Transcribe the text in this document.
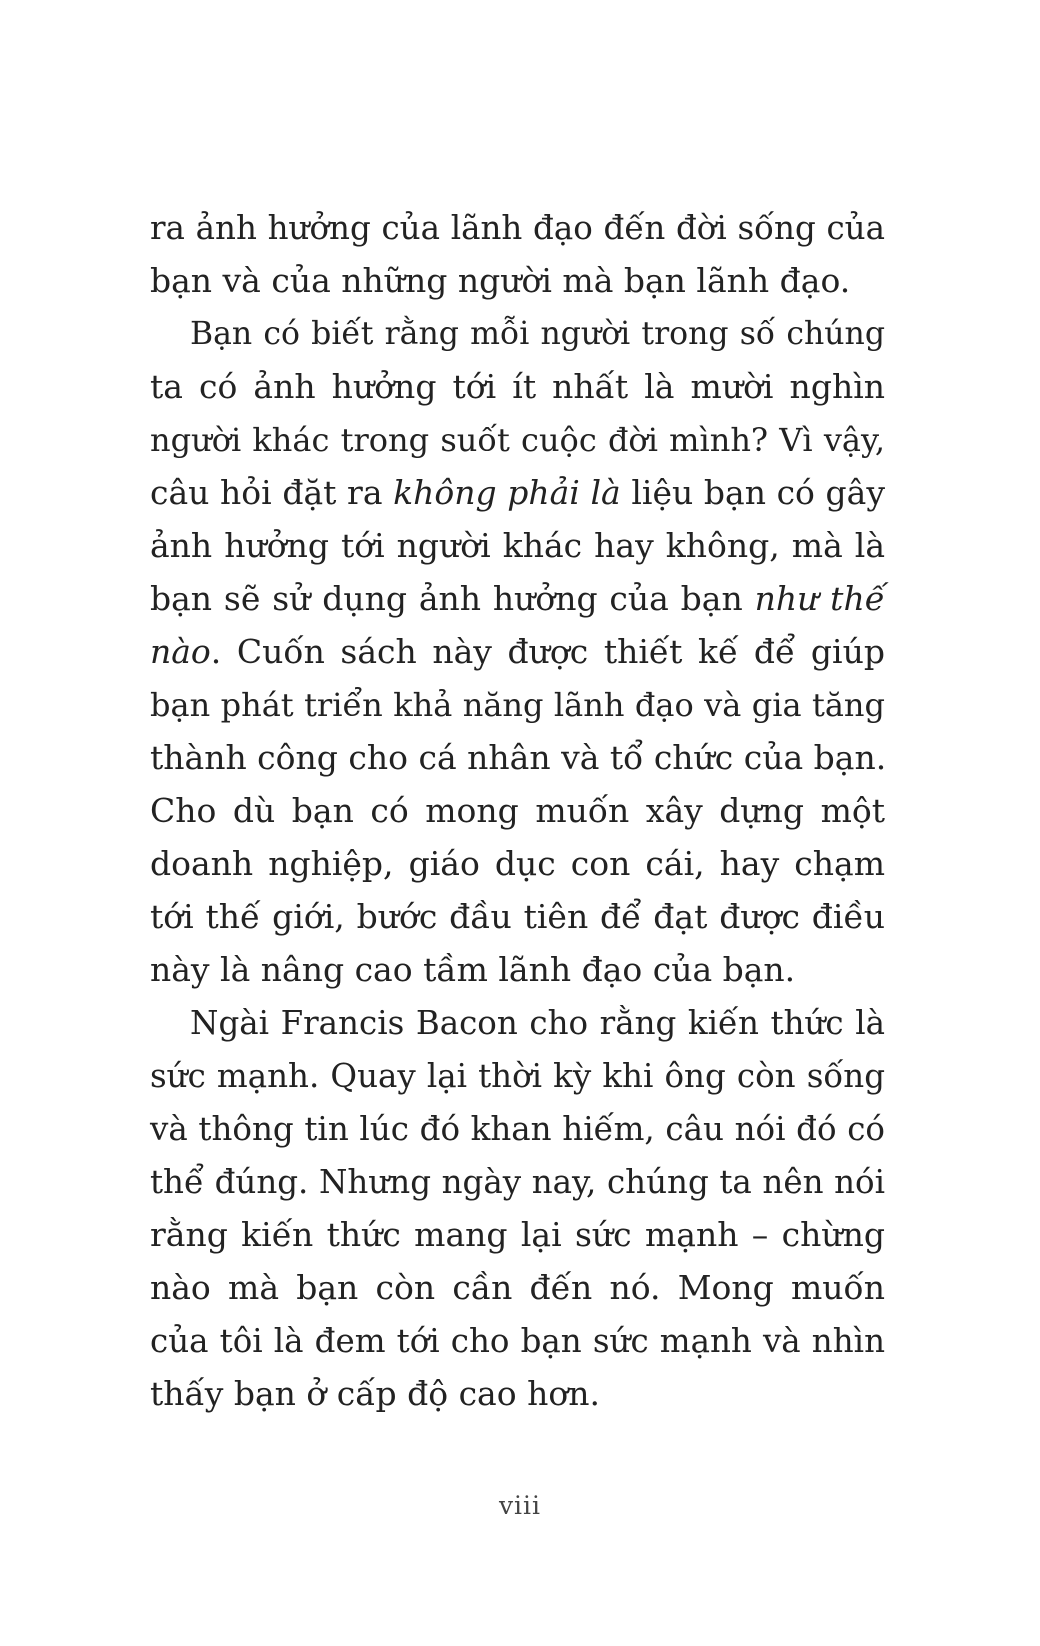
ra ảnh hưởng của lãnh đạo đến đời sống của
bạn và của những người mà bạn lãnh đạo.
Bạn có biết rằng mỗi người trong số chúng
ta có ảnh hưởng tới ít nhất là mười nghìn
người khác trong suốt cuộc đời mình? Vì vậy,
câu hỏi đặt ra không phải là liệu bạn có gây
ảnh hưởng tới người khác hay không, mà là
bạn sẽ sử dụng ảnh hưởng của bạn như thế
nào. Cuốn sách này được thiết kế để giúp
bạn phát triển khả năng lãnh đạo và gia tăng
thành công cho cá nhân và tổ chức của bạn.
Cho dù bạn có mong muốn xây dựng một
doanh nghiệp, giáo dục con cái, hay chạm
tới thế giới, bước đầu tiên để đạt được điều
này là nâng cao tầm lãnh đạo của bạn.
Ngài Francis Bacon cho rằng kiến thức là
sức mạnh. Quay lại thời kỳ khi ông còn sống
và thông tin lúc đó khan hiếm, câu nói đó có
thể đúng. Nhưng ngày nay, chúng ta nên nói
rằng kiến thức mang lại sức mạnh – chừng
nào mà bạn còn cần đến nó. Mong muốn
của tôi là đem tới cho bạn sức mạnh và nhìn
thấy bạn ở cấp độ cao hơn.
viii
